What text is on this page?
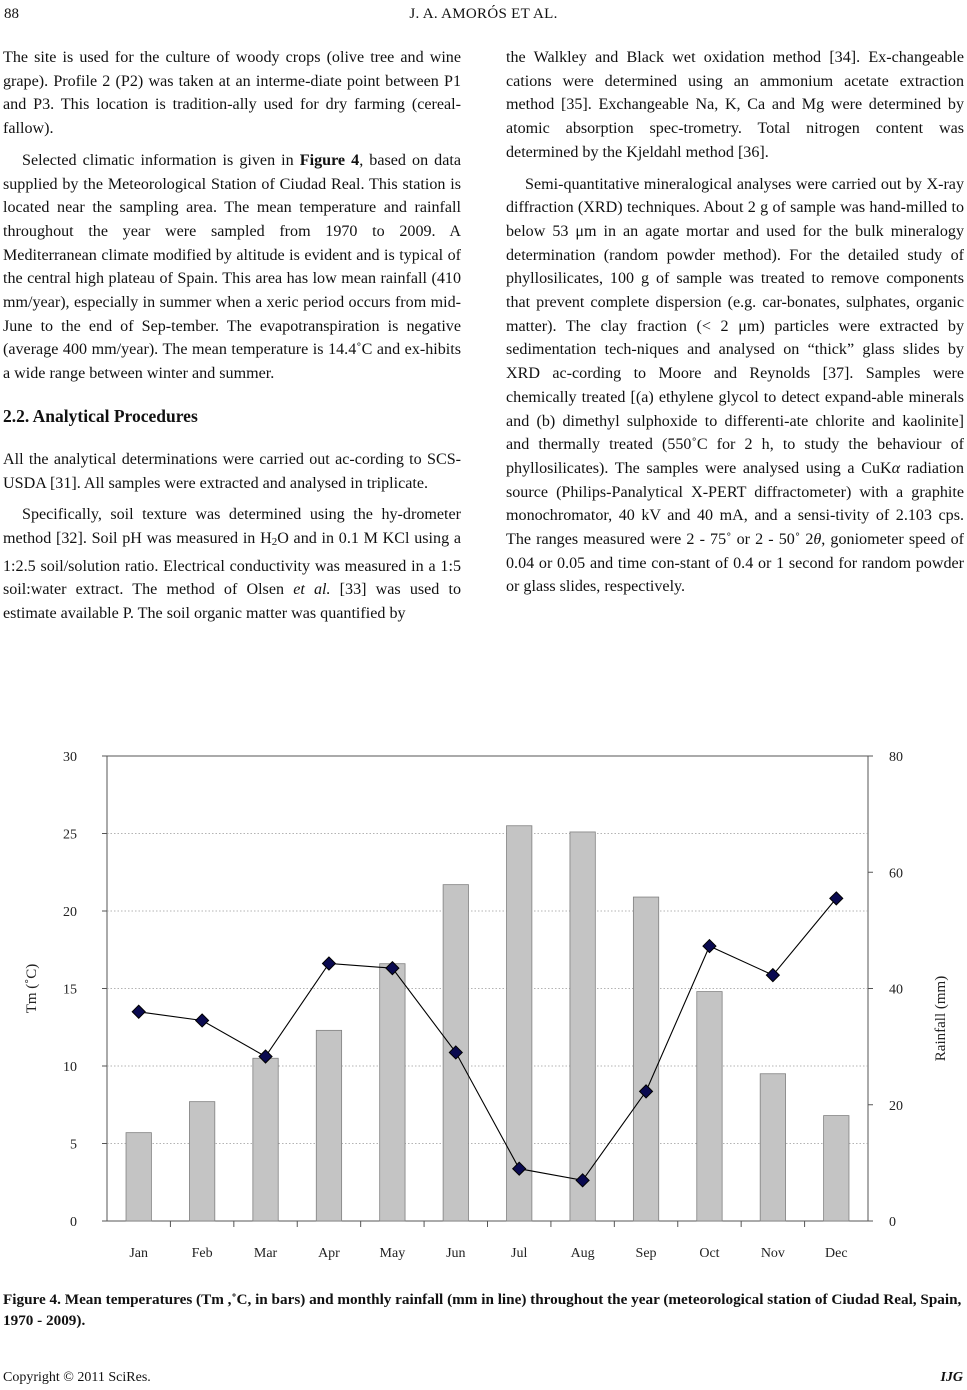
88	J. A. AMORÓS ET AL.

The site is used for the culture of woody crops (olive tree and wine grape). Profile 2 (P2) was taken at an interme-diate point between P1 and P3. This location is tradition-ally used for dry farming (cereal-fallow).

Selected climatic information is given in Figure 4, based on data supplied by the Meteorological Station of Ciudad Real. This station is located near the sampling area. The mean temperature and rainfall throughout the year were sampled from 1970 to 2009. A Mediterranean climate modified by altitude is evident and is typical of the central high plateau of Spain. This area has low mean rainfall (410 mm/year), especially in summer when a xeric period occurs from mid-June to the end of Sep-tember. The evapotranspiration is negative (average 400 mm/year). The mean temperature is 14.4˚C and ex-hibits a wide range between winter and summer.

2.2. Analytical Procedures

All the analytical determinations were carried out ac-cording to SCS-USDA [31]. All samples were extracted and analysed in triplicate.

Specifically, soil texture was determined using the hy-drometer method [32]. Soil pH was measured in H2O and in 0.1 M KCl using a 1:2.5 soil/solution ratio. Electrical conductivity was measured in a 1:5 soil:water extract. The method of Olsen et al. [33] was used to estimate available P. The soil organic matter was quantified by

the Walkley and Black wet oxidation method [34]. Ex-changeable cations were determined using an ammonium acetate extraction method [35]. Exchangeable Na, K, Ca and Mg were determined by atomic absorption spec-trometry. Total nitrogen content was determined by the Kjeldahl method [36].

Semi-quantitative mineralogical analyses were carried out by X-ray diffraction (XRD) techniques. About 2 g of sample was hand-milled to below 53 μm in an agate mortar and used for the bulk mineralogy determination (random powder method). For the detailed study of phyllosilicates, 100 g of sample was treated to remove components that prevent complete dispersion (e.g. car-bonates, sulphates, organic matter). The clay fraction (< 2 μm) particles were extracted by sedimentation tech-niques and analysed on “thick” glass slides by XRD ac-cording to Moore and Reynolds [37]. Samples were chemically treated [(a) ethylene glycol to detect expand-able minerals and (b) dimethyl sulphoxide to differenti-ate chlorite and kaolinite] and thermally treated (550˚C for 2 h, to study the behaviour of phyllosilicates). The samples were analysed using a CuKα radiation source (Philips-Panalytical X-PERT diffractometer) with a graphite monochromator, 40 kV and 40 mA, and a sensi-tivity of 2.103 cps. The ranges measured were 2 - 75˚ or 2 - 50˚ 2θ, goniometer speed of 0.04 or 0.05 and time con-stant of 0.4 or 1 second for random powder or glass slides, respectively.

0
5
10
15
20
25
30
0
20
40
60
80
Jan	Feb	Mar	Apr	May	Jun	Jul	Aug	Sep	Oct	Nov	Dec
Tm (˚C)	Rainfall (mm)
Figure 4. Mean temperatures (Tm ,˚C, in bars) and monthly rainfall (mm in line) throughout the year (meteorological station of Ciudad Real, Spain, 1970 - 2009).
Copyright © 2011 SciRes.	IJG
